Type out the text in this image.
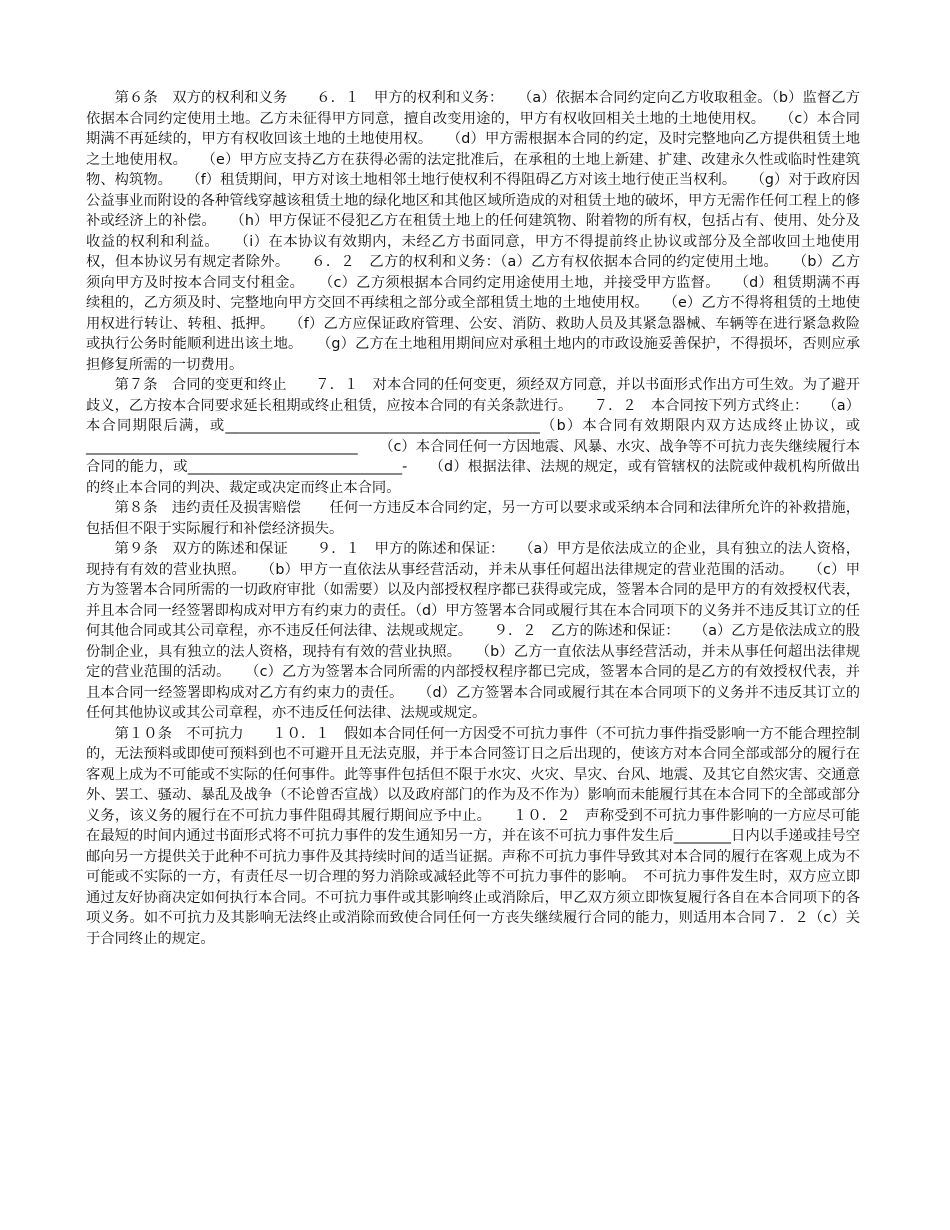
第６条　双方的权利和义务　　６．１　甲方的权利和义务：　　（a）依据本合同约定向乙方收取租金。（b）监督乙方依据本合同约定使用土地。乙方未征得甲方同意，擅自改变用途的，甲方有权收回相关土地的土地使用权。　　（c）本合同期满不再延续的，甲方有权收回该土地的土地使用权。　　（d）甲方需根据本合同的约定，及时完整地向乙方提供租赁土地之土地使用权。　　（e）甲方应支持乙方在获得必需的法定批准后，在承租的土地上新建、扩建、改建永久性或临时性建筑物、构筑物。　　（f）租赁期间，甲方对该土地相邻土地行使权利不得阻碍乙方对该土地行使正当权利。　　（g）对于政府因公益事业而附设的各种管线穿越该租赁土地的绿化地区和其他区域所造成的对租赁土地的破坏，甲方无需作任何工程上的修补或经济上的补偿。　　（h）甲方保证不侵犯乙方在租赁土地上的任何建筑物、附着物的所有权，包括占有、使用、处分及收益的权利和利益。　　（i）在本协议有效期内，未经乙方书面同意，甲方不得提前终止协议或部分及全部收回土地使用权，但本协议另有规定者除外。　　６．２　乙方的权利和义务：（a）乙方有权依据本合同的约定使用土地。　　（b）乙方须向甲方及时按本合同支付租金。　　（c）乙方须根据本合同约定用途使用土地，并接受甲方监督。　　（d）租赁期满不再续租的，乙方须及时、完整地向甲方交回不再续租之部分或全部租赁土地的土地使用权。　　（e）乙方不得将租赁的土地使用权进行转让、转租、抵押。　　（f）乙方应保证政府管理、公安、消防、救助人员及其紧急器械、车辆等在进行紧急救险或执行公务时能顺利进出该土地。　　（g）乙方在土地租用期间应对承租土地内的市政设施妥善保护，不得损坏，否则应承担修复所需的一切费用。

第７条　合同的变更和终止　　７．１　对本合同的任何变更，须经双方同意，并以书面形式作出方可生效。为了避开歧义，乙方按本合同要求延长租期或终止租赁，应按本合同的有关条款进行。　　７．２　本合同按下列方式终止：　　（a）本合同期限后满，或____________________________________________（b）本合同有效期限内双方达成终止协议，或______________________________________　　（c）本合同任何一方因地震、风暴、水灾、战争等不可抗力丧失继续履行本合同的能力，或______________________________-　　（d）根据法律、法规的规定，或有管辖权的法院或仲裁机构所做出的终止本合同的判决、裁定或决定而终止本合同。

第８条　违约责任及损害赔偿　　任何一方违反本合同约定，另一方可以要求或采纳本合同和法律所允许的补救措施，包括但不限于实际履行和补偿经济损失。

第９条　双方的陈述和保证　　９．１　甲方的陈述和保证：　　（a）甲方是依法成立的企业，具有独立的法人资格，现持有有效的营业执照。　　（b）甲方一直依法从事经营活动，并未从事任何超出法律规定的营业范围的活动。　　（c）甲方为签署本合同所需的一切政府审批（如需要）以及内部授权程序都已获得或完成，签署本合同的是甲方的有效授权代表，并且本合同一经签署即构成对甲方有约束力的责任。（d）甲方签署本合同或履行其在本合同项下的义务并不违反其订立的任何其他合同或其公司章程，亦不违反任何法律、法规或规定。　　９．２　乙方的陈述和保证：　　（a）乙方是依法成立的股份制企业，具有独立的法人资格，现持有有效的营业执照。　　（b）乙方一直依法从事经营活动，并未从事任何超出法律规定的营业范围的活动。　　（c）乙方为签署本合同所需的内部授权程序都已完成，签署本合同的是乙方的有效授权代表，并且本合同一经签署即构成对乙方有约束力的责任。　　（d）乙方签署本合同或履行其在本合同项下的义务并不违反其订立的任何其他协议或其公司章程，亦不违反任何法律、法规或规定。

第１０条　不可抗力　　１０．１　假如本合同任何一方因受不可抗力事件（不可抗力事件指受影响一方不能合理控制的，无法预料或即使可预料到也不可避开且无法克服，并于本合同签订日之后出现的，使该方对本合同全部或部分的履行在客观上成为不可能或不实际的任何事件。此等事件包括但不限于水灾、火灾、旱灾、台风、地震、及其它自然灾害、交通意外、罢工、骚动、暴乱及战争（不论曾否宣战）以及政府部门的作为及不作为）影响而未能履行其在本合同下的全部或部分义务，该义务的履行在不可抗力事件阻碍其履行期间应予中止。　　１０．２　声称受到不可抗力事件影响的一方应尽可能在最短的时间内通过书面形式将不可抗力事件的发生通知另一方，并在该不可抗力事件发生后________日内以手递或挂号空邮向另一方提供关于此种不可抗力事件及其持续时间的适当证据。声称不可抗力事件导致其对本合同的履行在客观上成为不可能或不实际的一方，有责任尽一切合理的努力消除或减轻此等不可抗力事件的影响。　不可抗力事件发生时，双方应立即通过友好协商决定如何执行本合同。不可抗力事件或其影响终止或消除后，甲乙双方须立即恢复履行各自在本合同项下的各项义务。如不可抗力及其影响无法终止或消除而致使合同任何一方丧失继续履行合同的能力，则适用本合同７．２（c）关于合同终止的规定。
